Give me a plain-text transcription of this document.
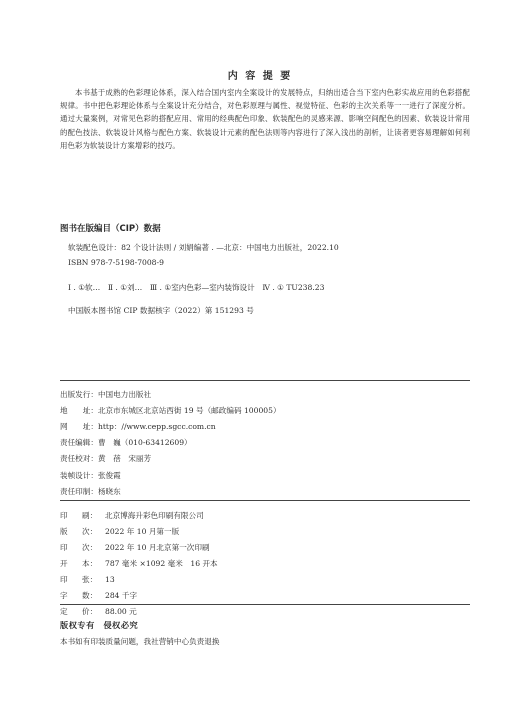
内 容 提 要
本书基于成熟的色彩理论体系，深入结合国内室内全案设计的发展特点，归纳出适合当下室内色彩实战应用的色彩搭配规律。书中把色彩理论体系与全案设计充分结合，对色彩原理与属性、视觉特征、色彩的主次关系等一一进行了深度分析。通过大量案例，对常见色彩的搭配应用、常用的经典配色印象、软装配色的灵感来源、影响空间配色的因素、软装设计常用的配色技法、软装设计风格与配色方案、软装设计元素的配色法则等内容进行了深入浅出的剖析，让读者更容易理解如何利用色彩为软装设计方案增彩的技巧。
图书在版编目（CIP）数据
软装配色设计：82 个设计法则 / 刘娟编著 . —北京：中国电力出版社，2022.10
ISBN 978-7-5198-7008-9
Ⅰ . ①软…　Ⅱ . ①刘…　Ⅲ . ①室内色彩—室内装饰设计　Ⅳ . ① TU238.23
中国版本图书馆 CIP 数据核字（2022）第 151293 号
出版发行：中国电力出版社
地　　址：北京市东城区北京站西街 19 号（邮政编码 100005）
网　　址：http：//www.cepp.sgcc.com.cn
责任编辑：曹　巍（010-63412609）
责任校对：黄　蓓　宋丽芳
装帧设计：张俊霞
责任印制：杨晓东
印 刷： 北京博海升彩色印刷有限公司
版 次： 2022 年 10 月第一版
印 次： 2022 年 10 月北京第一次印刷
开 本： 787 毫米 ×1092 毫米　16 开本
印 张： 13
字 数： 284 千字
定 价： 88.00 元
版权专有　侵权必究
本书如有印装质量问题，我社营销中心负责退换
